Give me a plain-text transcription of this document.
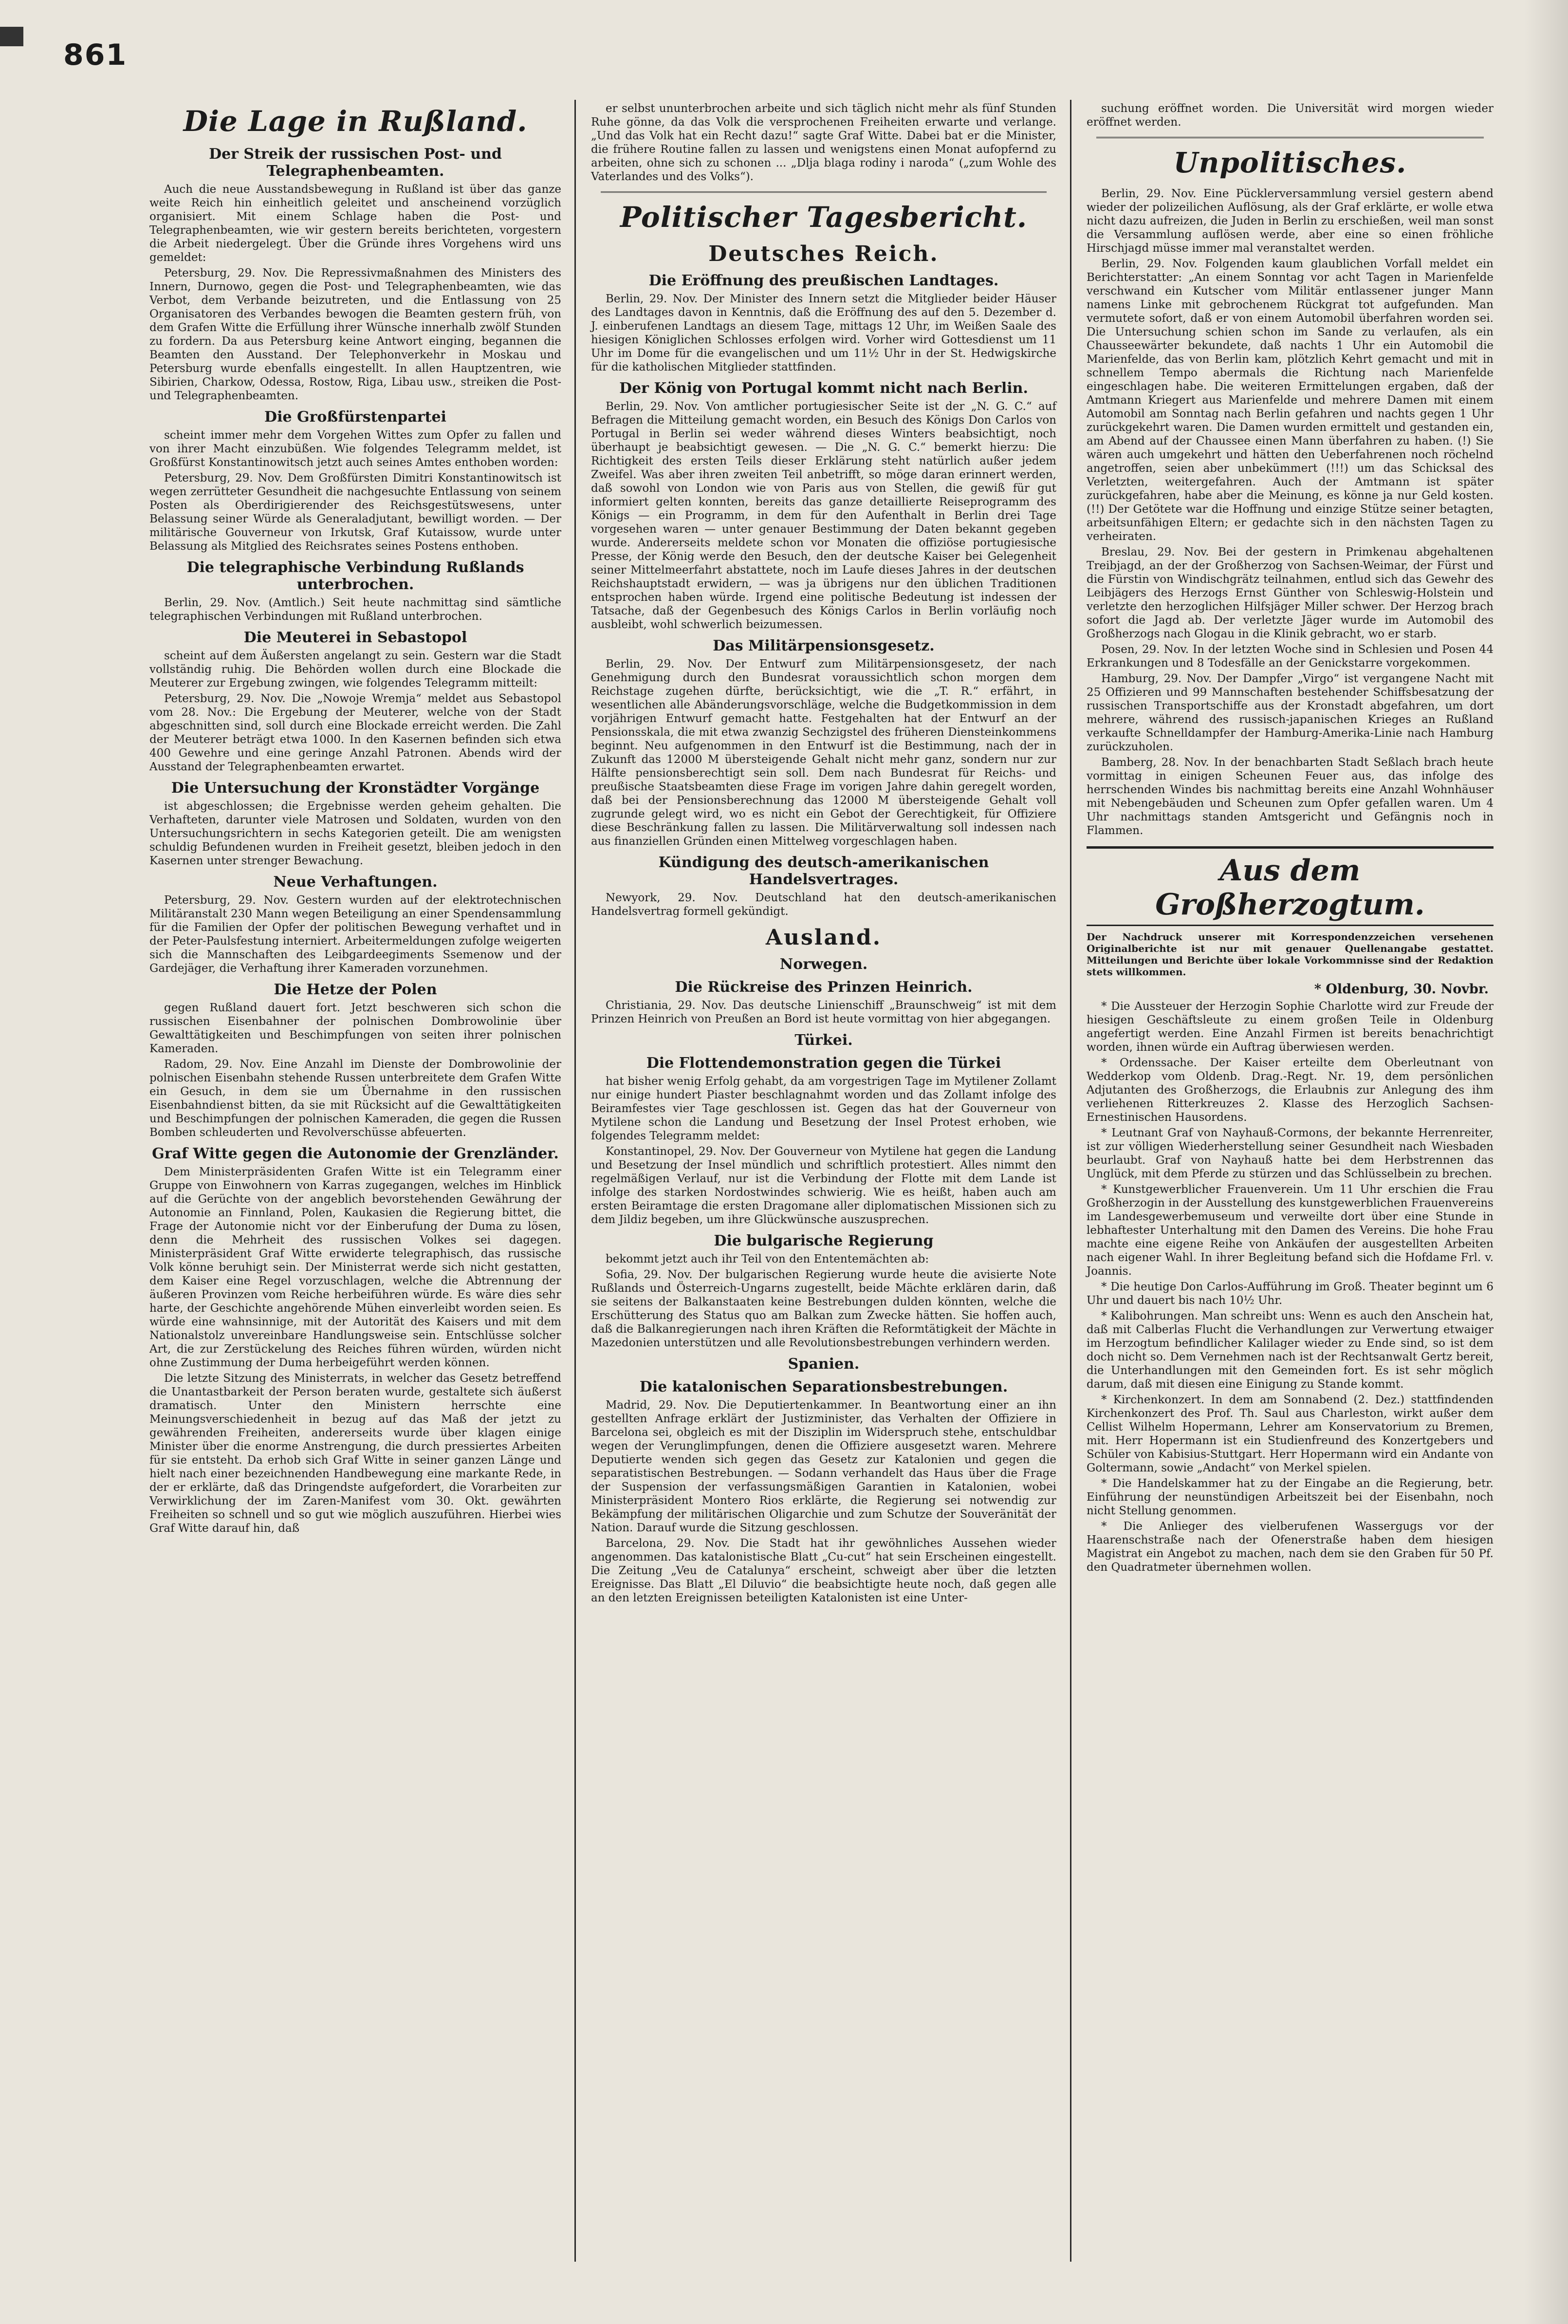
861
Die Lage in Rußland.
Der Streik der russischen Post- und Telegraphenbeamten.

Auch die neue Ausstandsbewegung in Rußland ist über das ganze weite Reich hin einheitlich geleitet und anscheinend vorzüglich organisiert. Mit einem Schlage haben die Post- und Telegraphenbeamten, wie wir gestern bereits berichteten, vorgestern die Arbeit niedergelegt. Über die Gründe ihres Vorgehens wird uns gemeldet:

Petersburg, 29. Nov. Die Repressivmaßnahmen des Ministers des Innern, Durnowo, gegen die Post- und Telegraphenbeamten, wie das Verbot, dem Verbande beizutreten, und die Entlassung von 25 Organisatoren des Verbandes bewogen die Beamten gestern früh, von dem Grafen Witte die Erfüllung ihrer Wünsche innerhalb zwölf Stunden zu fordern. Da aus Petersburg keine Antwort einging, begannen die Beamten den Ausstand. Der Telephonverkehr in Moskau und Petersburg wurde ebenfalls eingestellt. In allen Hauptzentren, wie Sibirien, Charkow, Odessa, Rostow, Riga, Libau usw., streiken die Post- und Telegraphenbeamten.

Die Großfürstenpartei

scheint immer mehr dem Vorgehen Wittes zum Opfer zu fallen und von ihrer Macht einzubüßen. Wie folgendes Telegramm meldet, ist Großfürst Konstantinowitsch jetzt auch seines Amtes enthoben worden:

Petersburg, 29. Nov. Dem Großfürsten Dimitri Konstantinowitsch ist wegen zerrütteter Gesundheit die nachgesuchte Entlassung von seinem Posten als Oberdirigierender des Reichsgestütswesens, unter Belassung seiner Würde als Generaladjutant, bewilligt worden. — Der militärische Gouverneur von Irkutsk, Graf Kutaissow, wurde unter Belassung als Mitglied des Reichsrates seines Postens enthoben.

Die telegraphische Verbindung Rußlands unterbrochen.

Berlin, 29. Nov. (Amtlich.) Seit heute nachmittag sind sämtliche telegraphischen Verbindungen mit Rußland unterbrochen.

Die Meuterei in Sebastopol

scheint auf dem Äußersten angelangt zu sein. Gestern war die Stadt vollständig ruhig. Die Behörden wollen durch eine Blockade die Meuterer zur Ergebung zwingen, wie folgendes Telegramm mitteilt:

Petersburg, 29. Nov. Die „Nowoje Wremja“ meldet aus Sebastopol vom 28. Nov.: Die Ergebung der Meuterer, welche von der Stadt abgeschnitten sind, soll durch eine Blockade erreicht werden. Die Zahl der Meuterer beträgt etwa 1000. In den Kasernen befinden sich etwa 400 Gewehre und eine geringe Anzahl Patronen. Abends wird der Ausstand der Telegraphenbeamten erwartet.

Die Untersuchung der Kronstädter Vorgänge

ist abgeschlossen; die Ergebnisse werden geheim gehalten. Die Verhafteten, darunter viele Matrosen und Soldaten, wurden von den Untersuchungsrichtern in sechs Kategorien geteilt. Die am wenigsten schuldig Befundenen wurden in Freiheit gesetzt, bleiben jedoch in den Kasernen unter strenger Bewachung.

Neue Verhaftungen.

Petersburg, 29. Nov. Gestern wurden auf der elektrotechnischen Militäranstalt 230 Mann wegen Beteiligung an einer Spendensammlung für die Familien der Opfer der politischen Bewegung verhaftet und in der Peter-Paulsfestung interniert. Arbeitermeldungen zufolge weigerten sich die Mannschaften des Leibgardeegiments Ssemenow und der Gardejäger, die Verhaftung ihrer Kameraden vorzunehmen.

Die Hetze der Polen

gegen Rußland dauert fort. Jetzt beschweren sich schon die russischen Eisenbahner der polnischen Dombrowolinie über Gewalttätigkeiten und Beschimpfungen von seiten ihrer polnischen Kameraden.

Radom, 29. Nov. Eine Anzahl im Dienste der Dombrowolinie der polnischen Eisenbahn stehende Russen unterbreitete dem Grafen Witte ein Gesuch, in dem sie um Übernahme in den russischen Eisenbahndienst bitten, da sie mit Rücksicht auf die Gewalttätigkeiten und Beschimpfungen der polnischen Kameraden, die gegen die Russen Bomben schleuderten und Revolverschüsse abfeuerten.

Graf Witte gegen die Autonomie der Grenzländer.

Dem Ministerpräsidenten Grafen Witte ist ein Telegramm einer Gruppe von Einwohnern von Karras zugegangen, welches im Hinblick auf die Gerüchte von der angeblich bevorstehenden Gewährung der Autonomie an Finnland, Polen, Kaukasien die Regierung bittet, die Frage der Autonomie nicht vor der Einberufung der Duma zu lösen, denn die Mehrheit des russischen Volkes sei dagegen. Ministerpräsident Graf Witte erwiderte telegraphisch, das russische Volk könne beruhigt sein. Der Ministerrat werde sich nicht gestatten, dem Kaiser eine Regel vorzuschlagen, welche die Abtrennung der äußeren Provinzen vom Reiche herbeiführen würde. Es wäre dies sehr harte, der Geschichte angehörende Mühen einverleibt worden seien. Es würde eine wahnsinnige, mit der Autorität des Kaisers und mit dem Nationalstolz unvereinbare Handlungsweise sein. Entschlüsse solcher Art, die zur Zerstückelung des Reiches führen würden, würden nicht ohne Zustimmung der Duma herbeigeführt werden können.

Die letzte Sitzung des Ministerrats, in welcher das Gesetz betreffend die Unantastbarkeit der Person beraten wurde, gestaltete sich äußerst dramatisch. Unter den Ministern herrschte eine Meinungsverschiedenheit in bezug auf das Maß der jetzt zu gewährenden Freiheiten, andererseits wurde über klagen einige Minister über die enorme Anstrengung, die durch pressiertes Arbeiten für sie entsteht. Da erhob sich Graf Witte in seiner ganzen Länge und hielt nach einer bezeichnenden Handbewegung eine markante Rede, in der er erklärte, daß das Dringendste aufgefordert, die Vorarbeiten zur Verwirklichung der im Zaren-Manifest vom 30. Okt. gewährten Freiheiten so schnell und so gut wie möglich auszuführen. Hierbei wies Graf Witte darauf hin, daß

er selbst ununterbrochen arbeite und sich täglich nicht mehr als fünf Stunden Ruhe gönne, da das Volk die versprochenen Freiheiten erwarte und verlange. „Und das Volk hat ein Recht dazu!“ sagte Graf Witte. Dabei bat er die Minister, die frühere Routine fallen zu lassen und wenigstens einen Monat aufopfernd zu arbeiten, ohne sich zu schonen ... „Dlja blaga rodiny i naroda“ („zum Wohle des Vaterlandes und des Volks“).

Politischer Tagesbericht.
Deutsches Reich.
Die Eröffnung des preußischen Landtages.

Berlin, 29. Nov. Der Minister des Innern setzt die Mitglieder beider Häuser des Landtages davon in Kenntnis, daß die Eröffnung des auf den 5. Dezember d. J. einberufenen Landtags an diesem Tage, mittags 12 Uhr, im Weißen Saale des hiesigen Königlichen Schlosses erfolgen wird. Vorher wird Gottesdienst um 11 Uhr im Dome für die evangelischen und um 11½ Uhr in der St. Hedwigskirche für die katholischen Mitglieder stattfinden.

Der König von Portugal kommt nicht nach Berlin.

Berlin, 29. Nov. Von amtlicher portugiesischer Seite ist der „N. G. C.“ auf Befragen die Mitteilung gemacht worden, ein Besuch des Königs Don Carlos von Portugal in Berlin sei weder während dieses Winters beabsichtigt, noch überhaupt je beabsichtigt gewesen. — Die „N. G. C.“ bemerkt hierzu: Die Richtigkeit des ersten Teils dieser Erklärung steht natürlich außer jedem Zweifel. Was aber ihren zweiten Teil anbetrifft, so möge daran erinnert werden, daß sowohl von London wie von Paris aus von Stellen, die gewiß für gut informiert gelten konnten, bereits das ganze detaillierte Reiseprogramm des Königs — ein Programm, in dem für den Aufenthalt in Berlin drei Tage vorgesehen waren — unter genauer Bestimmung der Daten bekannt gegeben wurde. Andererseits meldete schon vor Monaten die offiziöse portugiesische Presse, der König werde den Besuch, den der deutsche Kaiser bei Gelegenheit seiner Mittelmeerfahrt abstattete, noch im Laufe dieses Jahres in der deutschen Reichshauptstadt erwidern, — was ja übrigens nur den üblichen Traditionen entsprochen haben würde. Irgend eine politische Bedeutung ist indessen der Tatsache, daß der Gegenbesuch des Königs Carlos in Berlin vorläufig noch ausbleibt, wohl schwerlich beizumessen.

Das Militärpensionsgesetz.

Berlin, 29. Nov. Der Entwurf zum Militärpensionsgesetz, der nach Genehmigung durch den Bundesrat voraussichtlich schon morgen dem Reichstage zugehen dürfte, berücksichtigt, wie die „T. R.“ erfährt, in wesentlichen alle Abänderungsvorschläge, welche die Budgetkommission in dem vorjährigen Entwurf gemacht hatte. Festgehalten hat der Entwurf an der Pensionsskala, die mit etwa zwanzig Sechzigstel des früheren Diensteinkommens beginnt. Neu aufgenommen in den Entwurf ist die Bestimmung, nach der in Zukunft das 12000 M übersteigende Gehalt nicht mehr ganz, sondern nur zur Hälfte pensionsberechtigt sein soll. Dem nach Bundesrat für Reichs- und preußische Staatsbeamten diese Frage im vorigen Jahre dahin geregelt worden, daß bei der Pensionsberechnung das 12000 M übersteigende Gehalt voll zugrunde gelegt wird, wo es nicht ein Gebot der Gerechtigkeit, für Offiziere diese Beschränkung fallen zu lassen. Die Militärverwaltung soll indessen nach aus finanziellen Gründen einen Mittelweg vorgeschlagen haben.

Kündigung des deutsch-amerikanischen Handelsvertrages.

Newyork, 29. Nov. Deutschland hat den deutsch-amerikanischen Handelsvertrag formell gekündigt.

Ausland.
Norwegen.
Die Rückreise des Prinzen Heinrich.

Christiania, 29. Nov. Das deutsche Linienschiff „Braunschweig“ ist mit dem Prinzen Heinrich von Preußen an Bord ist heute vormittag von hier abgegangen.

Türkei.
Die Flottendemonstration gegen die Türkei

hat bisher wenig Erfolg gehabt, da am vorgestrigen Tage im Mytilener Zollamt nur einige hundert Piaster beschlagnahmt worden und das Zollamt infolge des Beiramfestes vier Tage geschlossen ist. Gegen das hat der Gouverneur von Mytilene schon die Landung und Besetzung der Insel Protest erhoben, wie folgendes Telegramm meldet:

Konstantinopel, 29. Nov. Der Gouverneur von Mytilene hat gegen die Landung und Besetzung der Insel mündlich und schriftlich protestiert. Alles nimmt den regelmäßigen Verlauf, nur ist die Verbindung der Flotte mit dem Lande ist infolge des starken Nordostwindes schwierig. Wie es heißt, haben auch am ersten Beiramtage die ersten Dragomane aller diplomatischen Missionen sich zu dem Jildiz begeben, um ihre Glückwünsche auszusprechen.

Die bulgarische Regierung

bekommt jetzt auch ihr Teil von den Ententemächten ab:

Sofia, 29. Nov. Der bulgarischen Regierung wurde heute die avisierte Note Rußlands und Österreich-Ungarns zugestellt, beide Mächte erklären darin, daß sie seitens der Balkanstaaten keine Bestrebungen dulden könnten, welche die Erschütterung des Status quo am Balkan zum Zwecke hätten. Sie hoffen auch, daß die Balkanregierungen nach ihren Kräften die Reformtätigkeit der Mächte in Mazedonien unterstützen und alle Revolutionsbestrebungen verhindern werden.

Spanien.
Die katalonischen Separationsbestrebungen.

Madrid, 29. Nov. Die Deputiertenkammer. In Beantwortung einer an ihn gestellten Anfrage erklärt der Justizminister, das Verhalten der Offiziere in Barcelona sei, obgleich es mit der Disziplin im Widerspruch stehe, entschuldbar wegen der Verunglimpfungen, denen die Offiziere ausgesetzt waren. Mehrere Deputierte wenden sich gegen das Gesetz zur Katalonien und gegen die separatistischen Bestrebungen. — Sodann verhandelt das Haus über die Frage der Suspension der verfassungsmäßigen Garantien in Katalonien, wobei Ministerpräsident Montero Rios erklärte, die Regierung sei notwendig zur Bekämpfung der militärischen Oligarchie und zum Schutze der Souveränität der Nation. Darauf wurde die Sitzung geschlossen.

Barcelona, 29. Nov. Die Stadt hat ihr gewöhnliches Aussehen wieder angenommen. Das katalonistische Blatt „Cu-cut“ hat sein Erscheinen eingestellt. Die Zeitung „Veu de Catalunya“ erscheint, schweigt aber über die letzten Ereignisse. Das Blatt „El Diluvio“ die beabsichtigte heute noch, daß gegen alle an den letzten Ereignissen beteiligten Katalonisten ist eine Unter-

suchung eröffnet worden. Die Universität wird morgen wieder eröffnet werden.

Unpolitisches.

Berlin, 29. Nov. Eine Pücklerversammlung versiel gestern abend wieder der polizeilichen Auflösung, als der Graf erklärte, er wolle etwa nicht dazu aufreizen, die Juden in Berlin zu erschießen, weil man sonst die Versammlung auflösen werde, aber eine so einen fröhliche Hirschjagd müsse immer mal veranstaltet werden.

Berlin, 29. Nov. Folgenden kaum glaublichen Vorfall meldet ein Berichterstatter: „An einem Sonntag vor acht Tagen in Marienfelde verschwand ein Kutscher vom Militär entlassener junger Mann namens Linke mit gebrochenem Rückgrat tot aufgefunden. Man vermutete sofort, daß er von einem Automobil überfahren worden sei. Die Untersuchung schien schon im Sande zu verlaufen, als ein Chausseewärter bekundete, daß nachts 1 Uhr ein Automobil die Marienfelde, das von Berlin kam, plötzlich Kehrt gemacht und mit in schnellem Tempo abermals die Richtung nach Marienfelde eingeschlagen habe. Die weiteren Ermittelungen ergaben, daß der Amtmann Kriegert aus Marienfelde und mehrere Damen mit einem Automobil am Sonntag nach Berlin gefahren und nachts gegen 1 Uhr zurückgekehrt waren. Die Damen wurden ermittelt und gestanden ein, am Abend auf der Chaussee einen Mann überfahren zu haben. (!) Sie wären auch umgekehrt und hätten den Ueberfahrenen noch röchelnd angetroffen, seien aber unbekümmert (!!!) um das Schicksal des Verletzten, weitergefahren. Auch der Amtmann ist später zurückgefahren, habe aber die Meinung, es könne ja nur Geld kosten. (!!) Der Getötete war die Hoffnung und einzige Stütze seiner betagten, arbeitsunfähigen Eltern; er gedachte sich in den nächsten Tagen zu verheiraten.

Breslau, 29. Nov. Bei der gestern in Primkenau abgehaltenen Treibjagd, an der der Großherzog von Sachsen-Weimar, der Fürst und die Fürstin von Windischgrätz teilnahmen, entlud sich das Gewehr des Leibjägers des Herzogs Ernst Günther von Schleswig-Holstein und verletzte den herzoglichen Hilfsjäger Miller schwer. Der Herzog brach sofort die Jagd ab. Der verletzte Jäger wurde im Automobil des Großherzogs nach Glogau in die Klinik gebracht, wo er starb.

Posen, 29. Nov. In der letzten Woche sind in Schlesien und Posen 44 Erkrankungen und 8 Todesfälle an der Genickstarre vorgekommen.

Hamburg, 29. Nov. Der Dampfer „Virgo“ ist vergangene Nacht mit 25 Offizieren und 99 Mannschaften bestehender Schiffsbesatzung der russischen Transportschiffe aus der Kronstadt abgefahren, um dort mehrere, während des russisch-japanischen Krieges an Rußland verkaufte Schnelldampfer der Hamburg-Amerika-Linie nach Hamburg zurückzuholen.

Bamberg, 28. Nov. In der benachbarten Stadt Seßlach brach heute vormittag in einigen Scheunen Feuer aus, das infolge des herrschenden Windes bis nachmittag bereits eine Anzahl Wohnhäuser mit Nebengebäuden und Scheunen zum Opfer gefallen waren. Um 4 Uhr nachmittags standen Amtsgericht und Gefängnis noch in Flammen.

Aus dem Großherzogtum.
Der Nachdruck unserer mit Korrespondenzzeichen versehenen Originalberichte ist nur mit genauer Quellenangabe gestattet. Mitteilungen und Berichte über lokale Vorkommnisse sind der Redaktion stets willkommen.
* Oldenburg, 30. Novbr.

* Die Aussteuer der Herzogin Sophie Charlotte wird zur Freude der hiesigen Geschäftsleute zu einem großen Teile in Oldenburg angefertigt werden. Eine Anzahl Firmen ist bereits benachrichtigt worden, ihnen würde ein Auftrag überwiesen werden.

* Ordenssache. Der Kaiser erteilte dem Oberleutnant von Wedderkop vom Oldenb. Drag.-Regt. Nr. 19, dem persönlichen Adjutanten des Großherzogs, die Erlaubnis zur Anlegung des ihm verliehenen Ritterkreuzes 2. Klasse des Herzoglich Sachsen-Ernestinischen Hausordens.

* Leutnant Graf von Nayhauß-Cormons, der bekannte Herrenreiter, ist zur völligen Wiederherstellung seiner Gesundheit nach Wiesbaden beurlaubt. Graf von Nayhauß hatte bei dem Herbstrennen das Unglück, mit dem Pferde zu stürzen und das Schlüsselbein zu brechen.

* Kunstgewerblicher Frauenverein. Um 11 Uhr erschien die Frau Großherzogin in der Ausstellung des kunstgewerblichen Frauenvereins im Landesgewerbemuseum und verweilte dort über eine Stunde in lebhaftester Unterhaltung mit den Damen des Vereins. Die hohe Frau machte eine eigene Reihe von Ankäufen der ausgestellten Arbeiten nach eigener Wahl. In ihrer Begleitung befand sich die Hofdame Frl. v. Joannis.

* Die heutige Don Carlos-Aufführung im Groß. Theater beginnt um 6 Uhr und dauert bis nach 10½ Uhr.

* Kalibohrungen. Man schreibt uns: Wenn es auch den Anschein hat, daß mit Calberlas Flucht die Verhandlungen zur Verwertung etwaiger im Herzogtum befindlicher Kalilager wieder zu Ende sind, so ist dem doch nicht so. Dem Vernehmen nach ist der Rechtsanwalt Gertz bereit, die Unterhandlungen mit den Gemeinden fort. Es ist sehr möglich darum, daß mit diesen eine Einigung zu Stande kommt.

* Kirchenkonzert. In dem am Sonnabend (2. Dez.) stattfindenden Kirchenkonzert des Prof. Th. Saul aus Charleston, wirkt außer dem Cellist Wilhelm Hopermann, Lehrer am Konservatorium zu Bremen, mit. Herr Hopermann ist ein Studienfreund des Konzertgebers und Schüler von Kabisius-Stuttgart. Herr Hopermann wird ein Andante von Goltermann, sowie „Andacht“ von Merkel spielen.

* Die Handelskammer hat zu der Eingabe an die Regierung, betr. Einführung der neunstündigen Arbeitszeit bei der Eisenbahn, noch nicht Stellung genommen.

* Die Anlieger des vielberufenen Wassergugs vor der Haarenschstraße nach der Ofenerstraße haben dem hiesigen Magistrat ein Angebot zu machen, nach dem sie den Graben für 50 Pf. den Quadratmeter übernehmen wollen.
